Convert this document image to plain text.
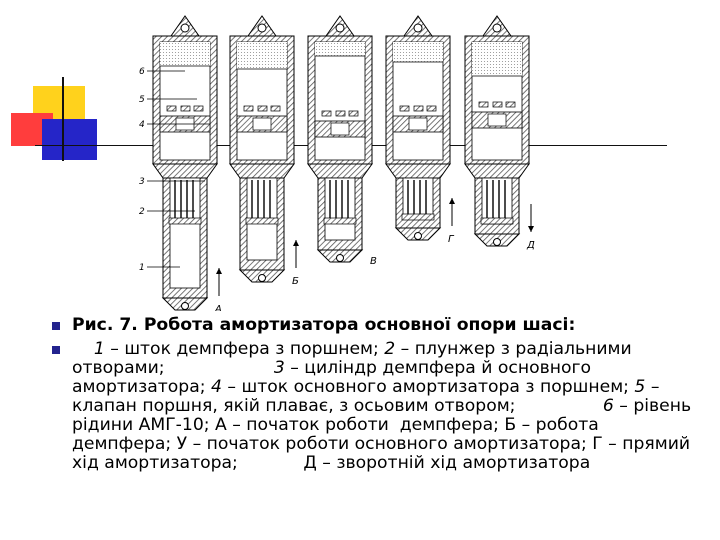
А
Б
В
Г
Д
6
5
4
3
2
1
Рис. 7. Робота амортизатора основної опори шасі:
1 – шток демпфера з поршнем; 2 – плунжер з радіальними отворами;                    3 – циліндр демпфера й основного амортизатора; 4 – шток основного амортизатора з поршнем; 5 – клапан поршня, якій плаває, з осьовим отвором;                6 – рівень рідини АМГ-10; А – початок роботи  демпфера; Б – робота демпфера; У – початок роботи основного амортизатора; Г – прямий хід амортизатора;            Д – зворотній хід амортизатора
